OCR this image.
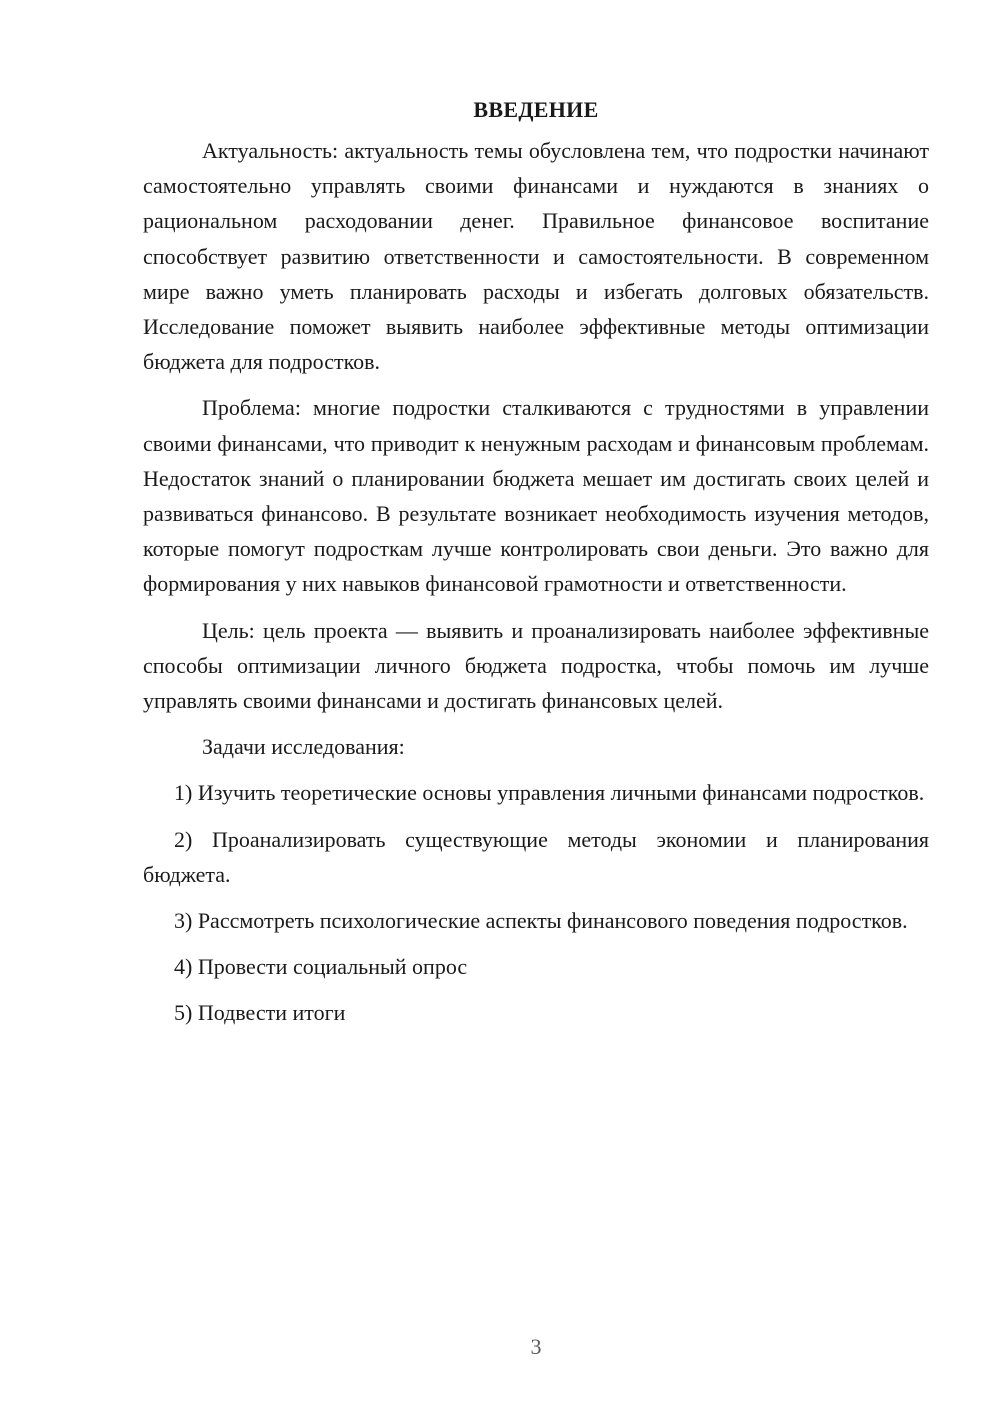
ВВЕДЕНИЕ

Актуальность: актуальность темы обусловлена тем, что подростки начинают самостоятельно управлять своими финансами и нуждаются в знаниях о рациональном расходовании денег. Правильное финансовое воспитание способствует развитию ответственности и самостоятельности. В современном мире важно уметь планировать расходы и избегать долговых обязательств. Исследование поможет выявить наиболее эффективные методы оптимизации бюджета для подростков.

Проблема: многие подростки сталкиваются с трудностями в управлении своими финансами, что приводит к ненужным расходам и финансовым проблемам. Недостаток знаний о планировании бюджета мешает им достигать своих целей и развиваться финансово. В результате возникает необходимость изучения методов, которые помогут подросткам лучше контролировать свои деньги. Это важно для формирования у них навыков финансовой грамотности и ответственности.

Цель: цель проекта — выявить и проанализировать наиболее эффективные способы оптимизации личного бюджета подростка, чтобы помочь им лучше управлять своими финансами и достигать финансовых целей.

Задачи исследования:

1) Изучить теоретические основы управления личными финансами подростков.

2) Проанализировать существующие методы экономии и планирования бюджета.

3) Рассмотреть психологические аспекты финансового поведения подростков.

4) Провести социальный опрос

5) Подвести итоги

3
